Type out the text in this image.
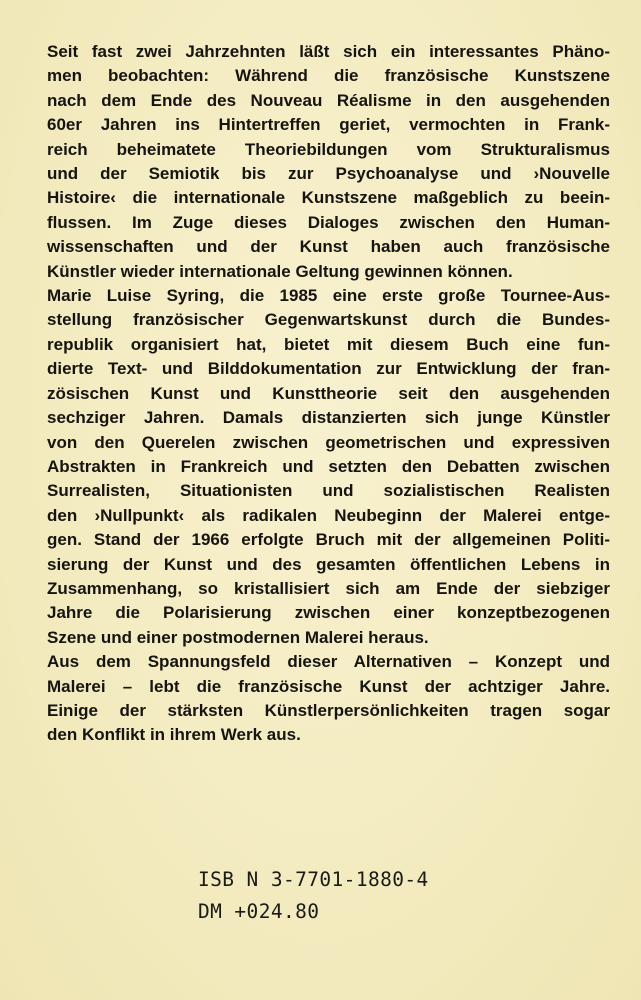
Seit fast zwei Jahrzehnten läßt sich ein interessantes Phäno-
men beobachten: Während die französische Kunstszene
nach dem Ende des Nouveau Réalisme in den ausgehenden
60er Jahren ins Hintertreffen geriet, vermochten in Frank-
reich beheimatete Theoriebildungen vom Strukturalismus
und der Semiotik bis zur Psychoanalyse und ›Nouvelle
Histoire‹ die internationale Kunstszene maßgeblich zu beein-
flussen. Im Zuge dieses Dialoges zwischen den Human-
wissenschaften und der Kunst haben auch französische
Künstler wieder internationale Geltung gewinnen können.

Marie Luise Syring, die 1985 eine erste große Tournee-Aus-
stellung französischer Gegenwartskunst durch die Bundes-
republik organisiert hat, bietet mit diesem Buch eine fun-
dierte Text- und Bilddokumentation zur Entwicklung der fran-
zösischen Kunst und Kunsttheorie seit den ausgehenden
sechziger Jahren. Damals distanzierten sich junge Künstler
von den Querelen zwischen geometrischen und expressiven
Abstrakten in Frankreich und setzten den Debatten zwischen
Surrealisten, Situationisten und sozialistischen Realisten
den ›Nullpunkt‹ als radikalen Neubeginn der Malerei entge-
gen. Stand der 1966 erfolgte Bruch mit der allgemeinen Politi-
sierung der Kunst und des gesamten öffentlichen Lebens in
Zusammenhang, so kristallisiert sich am Ende der siebziger
Jahre die Polarisierung zwischen einer konzeptbezogenen
Szene und einer postmodernen Malerei heraus.

Aus dem Spannungsfeld dieser Alternativen – Konzept und
Malerei – lebt die französische Kunst der achtziger Jahre.
Einige der stärksten Künstlerpersönlichkeiten tragen sogar
den Konflikt in ihrem Werk aus.

ISB N 3-7701-1880-4
DM +024.80
